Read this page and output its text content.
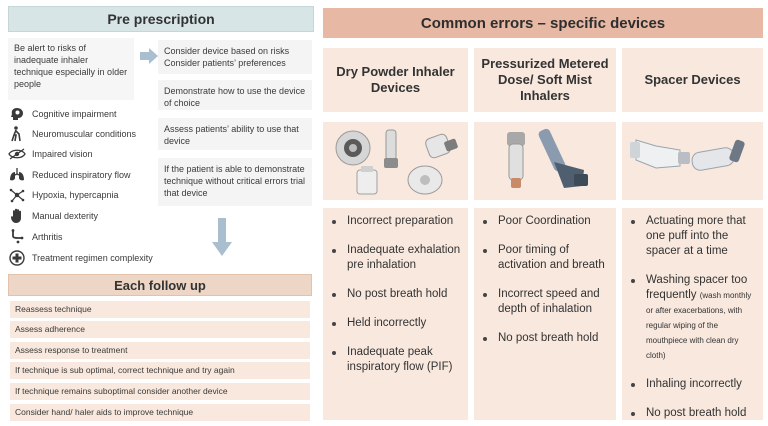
Pre prescription
Be alert to risks of inadequate inhaler technique especially in older people
Consider device based on risks Consider patients’ preferences
Demonstrate how to use the device of choice
Assess patients’ ability to use that device
If the patient is able to demonstrate technique without critical errors trial that device
Cognitive impairment
Neuromuscular conditions
Impaired vision
Reduced inspiratory flow
Hypoxia, hypercapnia
Manual dexterity
Arthritis
Treatment regimen complexity
Each follow up
Reassess technique
Assess adherence
Assess response to treatment
If technique is sub optimal, correct technique and try again
If technique remains suboptimal consider another device
Consider hand/ haler aids to improve technique
Common errors – specific devices
Dry Powder Inhaler Devices
Pressurized Metered Dose/ Soft Mist Inhalers
Spacer Devices
Incorrect preparation
Inadequate exhalation pre inhalation
No post breath hold
Held incorrectly
Inadequate peak inspiratory flow (PIF)
Poor Coordination
Poor timing of activation and breath
Incorrect speed and depth of inhalation
No post breath hold
Actuating more that one puff into the spacer at a time
Washing spacer too frequently (wash monthly or after exacerbations, with regular wiping of the mouthpiece with clean dry cloth)
Inhaling incorrectly
No post breath hold
